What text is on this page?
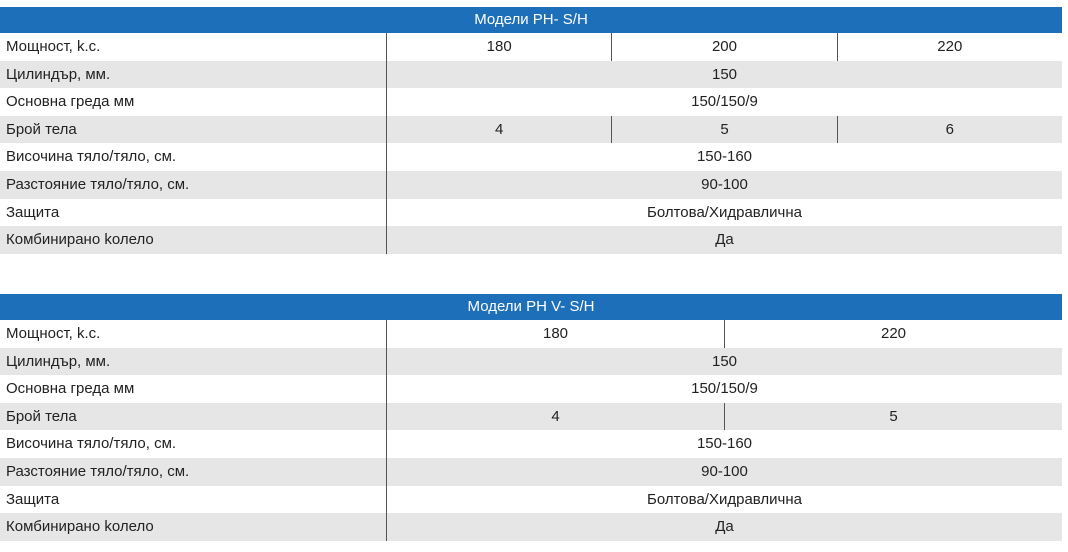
Модели PH- S/H
Мощност, k.c.	180	200	220
Цилиндър, мм.	150
Основна греда мм	150/150/9
Брой тела	4	5	6
Височина тяло/тяло, см.	150-160
Разстояние тяло/тяло, см.	90-100
Защита	Болтова/Хидравлична
Комбинирано kолело	Да
Модели PH V- S/H
Мощност, k.c.	180	220
Цилиндър, мм.	150
Основна греда мм	150/150/9
Брой тела	4	5
Височина тяло/тяло, см.	150-160
Разстояние тяло/тяло, см.	90-100
Защита	Болтова/Хидравлична
Комбинирано kолело	Да
